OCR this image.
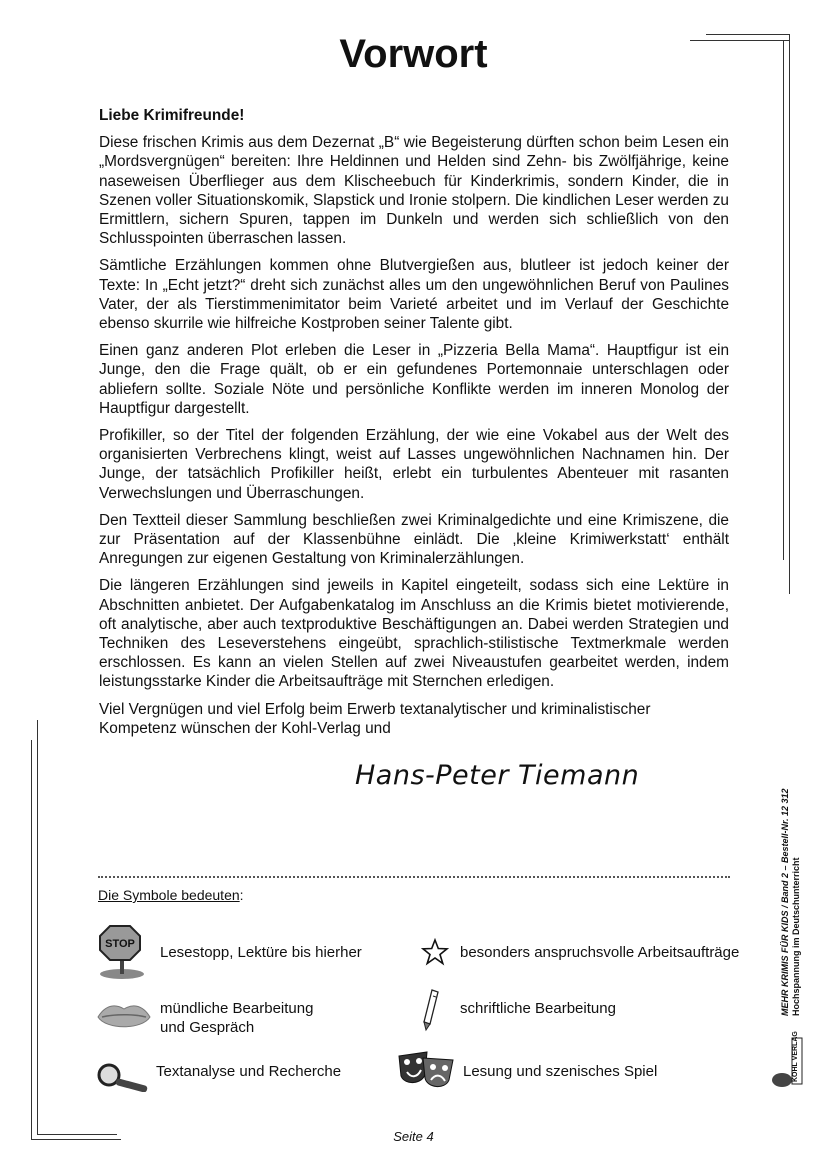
Vorwort

Liebe Krimifreunde!

Diese frischen Krimis aus dem Dezernat „B“ wie Begeisterung dürften schon beim Lesen ein „Mordsvergnügen“ bereiten: Ihre Heldinnen und Helden sind Zehn- bis Zwölfjährige, keine naseweisen Überflieger aus dem Klischeebuch für Kinderkrimis, sondern Kinder, die in Szenen voller Situationskomik, Slapstick und Ironie stolpern. Die kindlichen Leser werden zu Ermittlern, sichern Spuren, tappen im Dunkeln und werden sich schließlich von den Schlusspointen überraschen lassen.

Sämtliche Erzählungen kommen ohne Blutvergießen aus, blutleer ist jedoch keiner der Texte: In „Echt jetzt?“ dreht sich zunächst alles um den ungewöhnlichen Beruf von Paulines Vater, der als Tierstimmenimitator beim Varieté arbeitet und im Verlauf der Geschichte ebenso skurrile wie hilfreiche Kostproben seiner Talente gibt.

Einen ganz anderen Plot erleben die Leser in „Pizzeria Bella Mama“. Hauptfigur ist ein Junge, den die Frage quält, ob er ein gefundenes Portemonnaie unterschlagen oder abliefern sollte. Soziale Nöte und persönliche Konflikte werden im inneren Monolog der Hauptfigur dargestellt.

Profikiller, so der Titel der folgenden Erzählung, der wie eine Vokabel aus der Welt des organisierten Verbrechens klingt, weist auf Lasses ungewöhnlichen Nachnamen hin. Der Junge, der tatsächlich Profikiller heißt, erlebt ein turbulentes Abenteuer mit rasanten Verwechslungen und Überraschungen.

Den Textteil dieser Sammlung beschließen zwei Kriminalgedichte und eine Krimiszene, die zur Präsentation auf der Klassenbühne einlädt. Die ‚kleine Krimiwerkstatt‘ enthält Anregungen zur eigenen Gestaltung von Kriminalerzählungen.

Die längeren Erzählungen sind jeweils in Kapitel eingeteilt, sodass sich eine Lektüre in Abschnitten anbietet. Der Aufgabenkatalog im Anschluss an die Krimis bietet motivierende, oft analytische, aber auch textproduktive Beschäftigungen an. Dabei werden Strategien und Techniken des Leseverstehens eingeübt, sprachlich-stilistische Textmerkmale werden erschlossen. Es kann an vielen Stellen auf zwei Niveaustufen gearbeitet werden, indem leistungsstarke Kinder die Arbeitsaufträge mit Sternchen erledigen.

Viel Vergnügen und viel Erfolg beim Erwerb textanalytischer und kriminalistischer Kompetenz wünschen der Kohl-Verlag und

Hans-Peter Tiemann
Die Symbole bedeuten:
STOP Lesestopp, Lektüre bis hierher	besonders anspruchsvolle Arbeitsaufträge
mündliche Bearbeitung
und Gespräch
schriftliche Bearbeitung
Textanalyse und Recherche	Lesung und szenisches Spiel
Seite 4
MEHR KRIMIS FÜR KIDS / Band 2 – Bestell-Nr. 12 312 Hochspannung im Deutschunterricht
KOHL VERLAG
